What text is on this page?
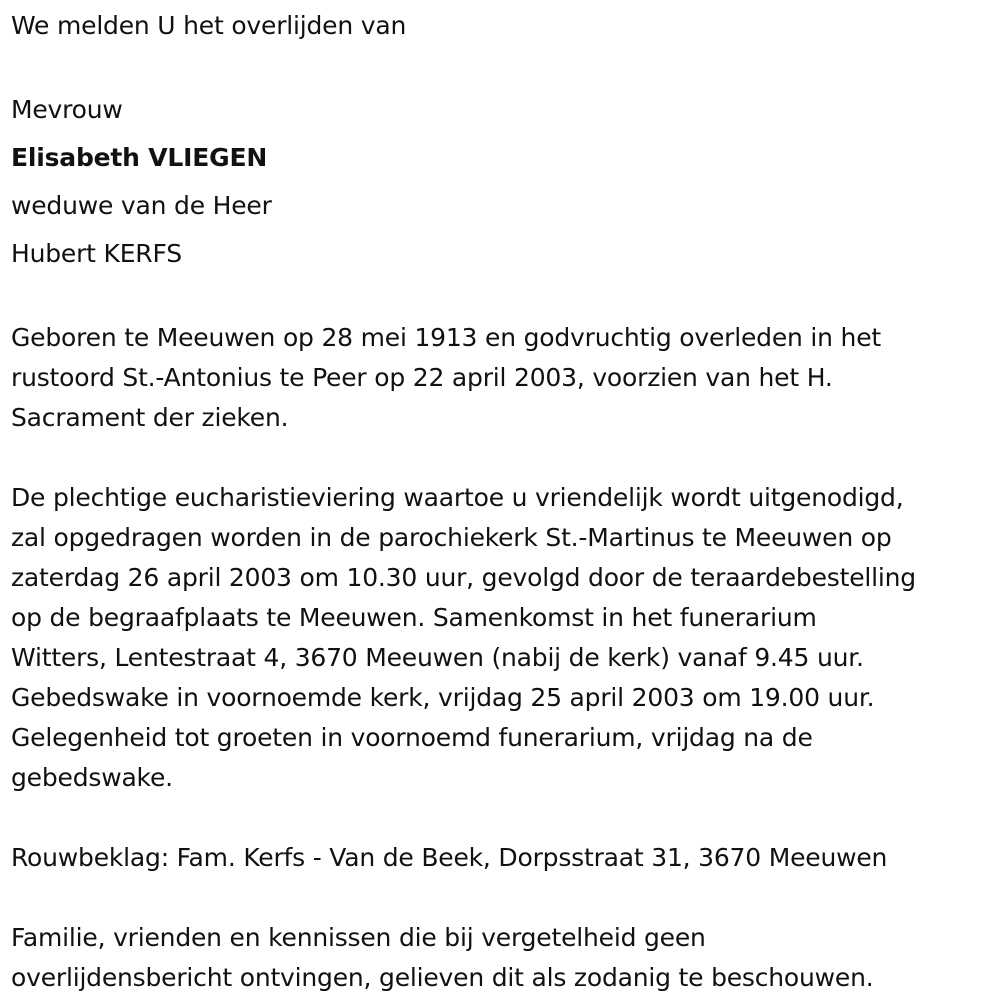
We melden U het overlijden van
Mevrouw
Elisabeth VLIEGEN
weduwe van de Heer
Hubert KERFS
Geboren te Meeuwen op 28 mei 1913 en godvruchtig overleden in het
rustoord St.-Antonius te Peer op 22 april 2003, voorzien van het H.
Sacrament der zieken.
De plechtige eucharistieviering waartoe u vriendelijk wordt uitgenodigd,
zal opgedragen worden in de parochiekerk St.-Martinus te Meeuwen op
zaterdag 26 april 2003 om 10.30 uur, gevolgd door de teraardebestelling
op de begraafplaats te Meeuwen. Samenkomst in het funerarium
Witters, Lentestraat 4, 3670 Meeuwen (nabij de kerk) vanaf 9.45 uur.
Gebedswake in voornoemde kerk, vrijdag 25 april 2003 om 19.00 uur.
Gelegenheid tot groeten in voornoemd funerarium, vrijdag na de
gebedswake.
Rouwbeklag: Fam. Kerfs - Van de Beek, Dorpsstraat 31, 3670 Meeuwen
Familie, vrienden en kennissen die bij vergetelheid geen
overlijdensbericht ontvingen, gelieven dit als zodanig te beschouwen.
